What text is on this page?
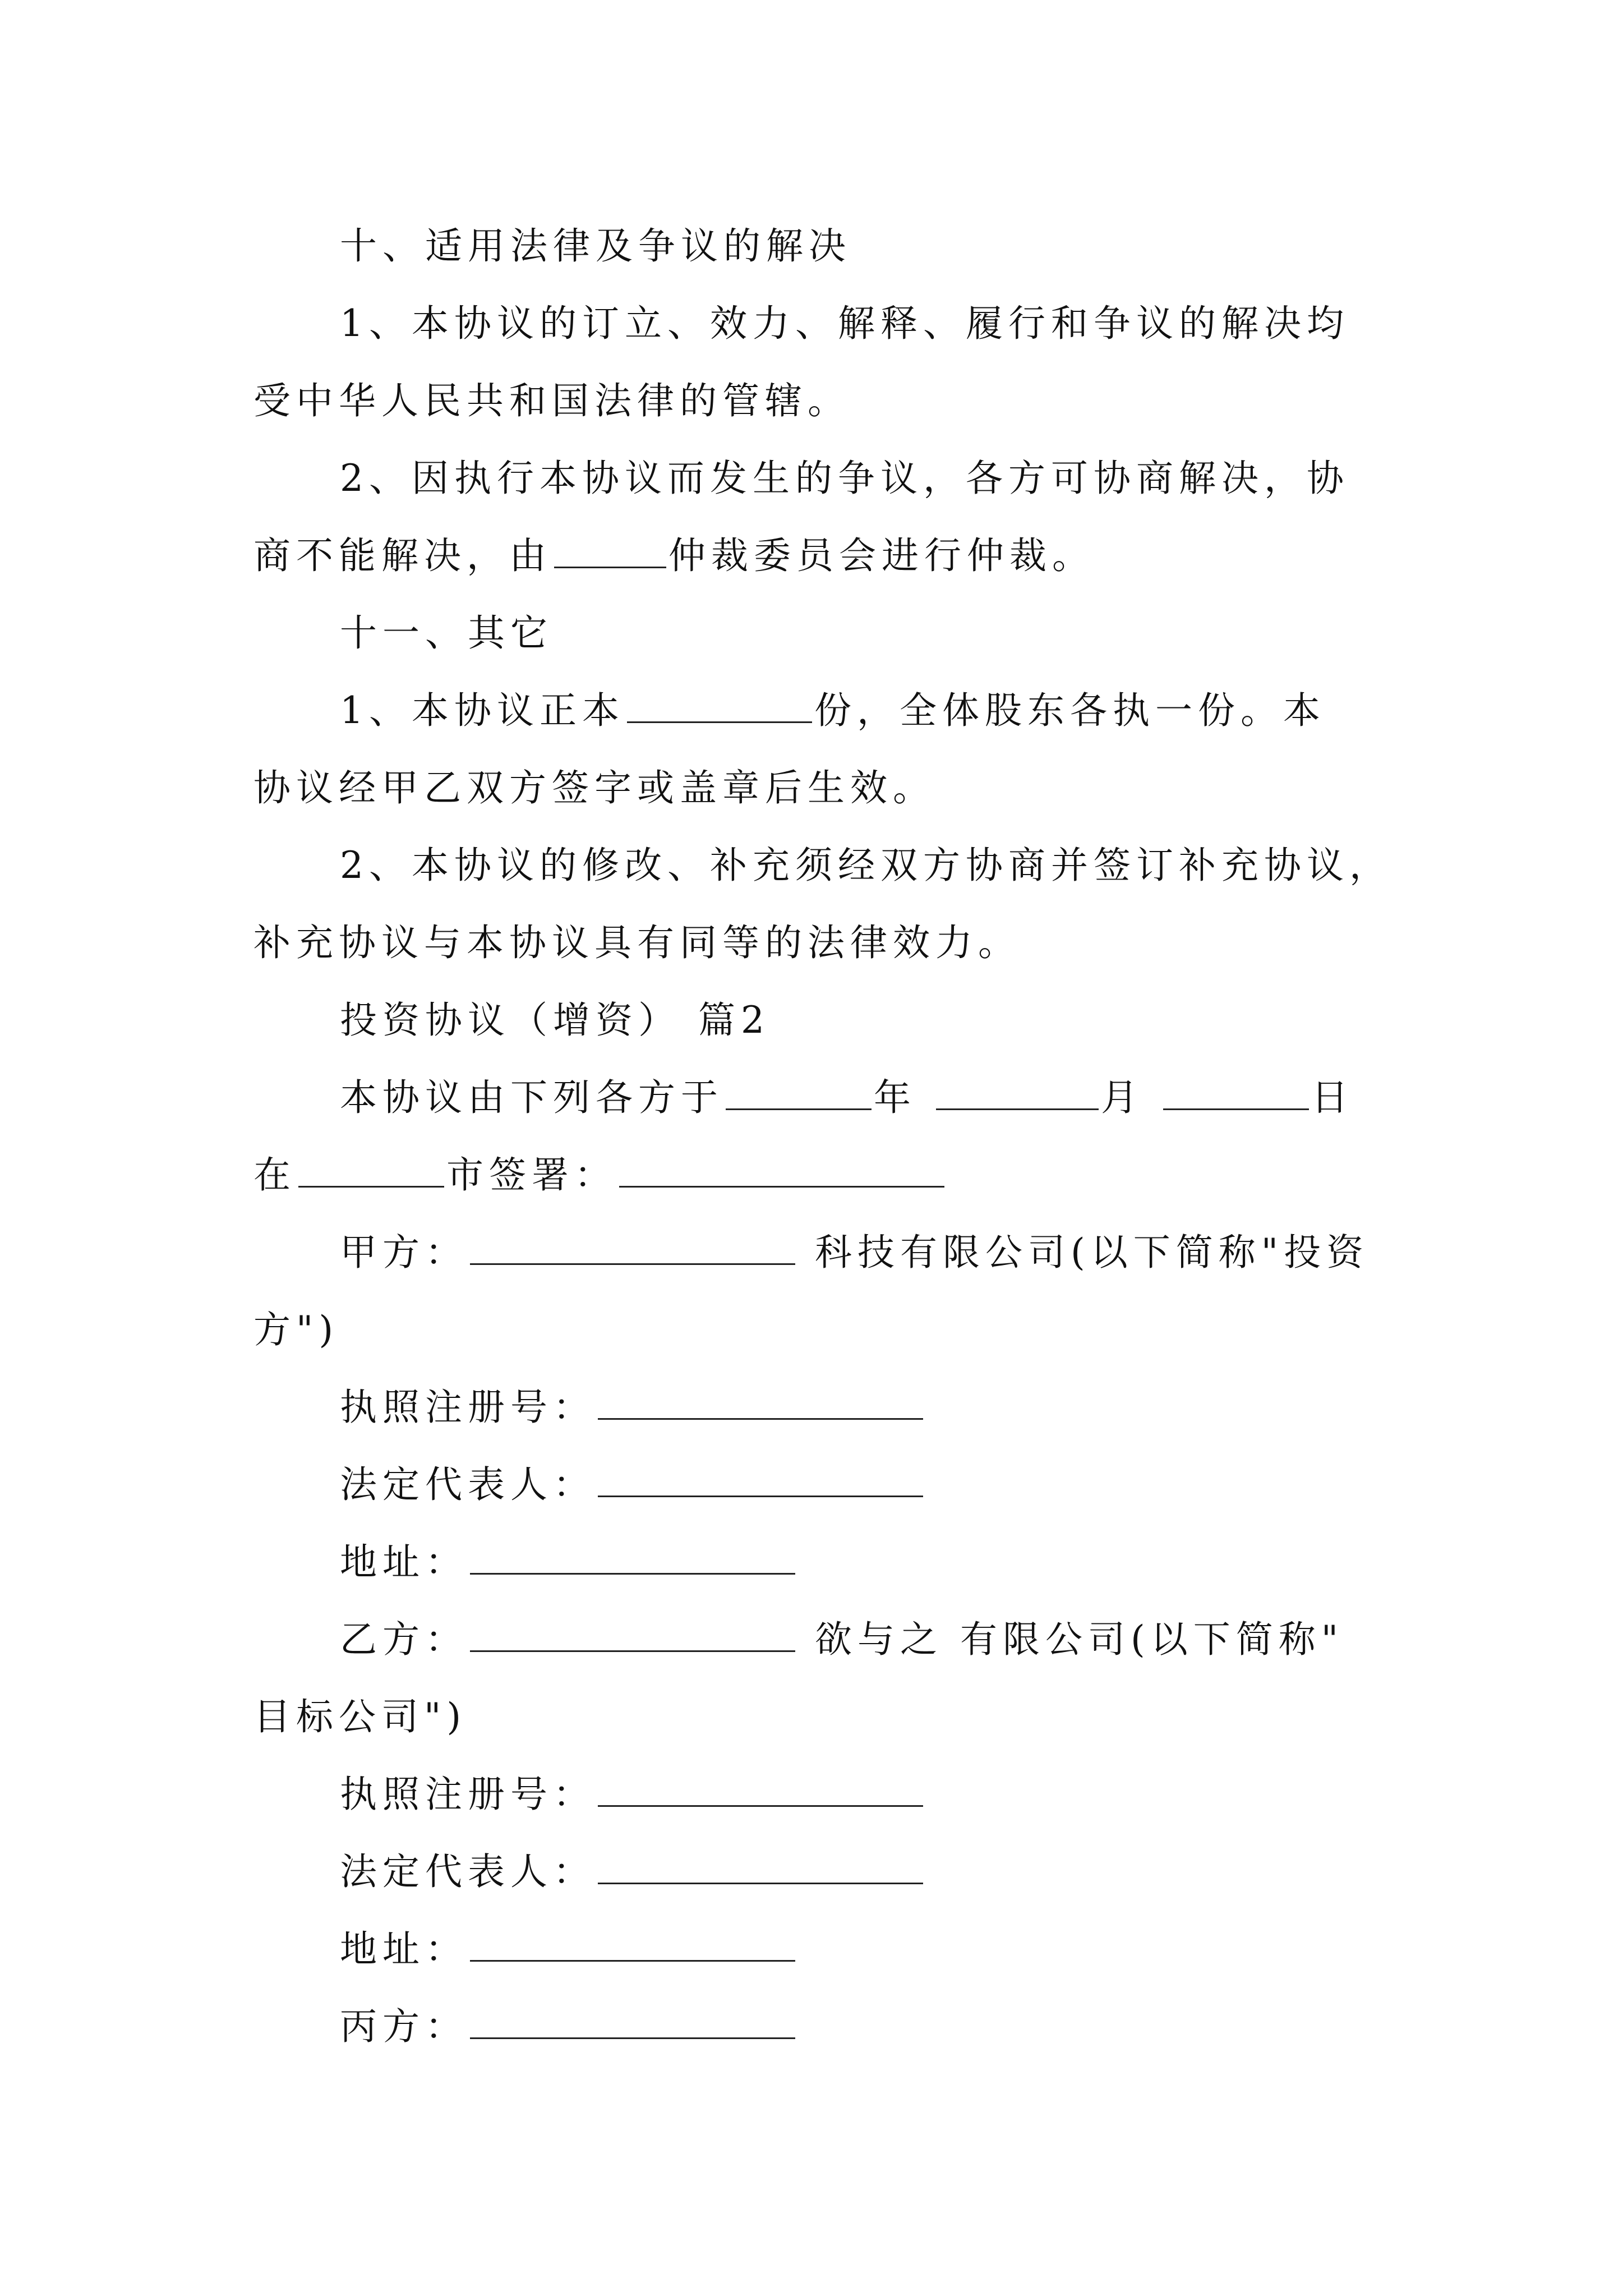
十、适用法律及争议的解决
1、本协议的订立、效力、解释、履行和争议的解决均
受中华人民共和国法律的管辖。
2、因执行本协议而发生的争议，各方可协商解决，协
商不能解决，由	仲裁委员会进行仲裁。
十一、其它
1、本协议正本	份，全体股东各执一份。本
协议经甲乙双方签字或盖章后生效。
2、本协议的修改、补充须经双方协商并签订补充协议，
补充协议与本协议具有同等的法律效力。
投资协议（增资） 篇2
本协议由下列各方于	年	月	日
在	市签署：
甲方：	科技有限公司(以下简称"投资
方")
执照注册号：
法定代表人：
地址：
乙方：	欲与之 有限公司(以下简称"
目标公司")
执照注册号：
法定代表人：
地址：
丙方：
